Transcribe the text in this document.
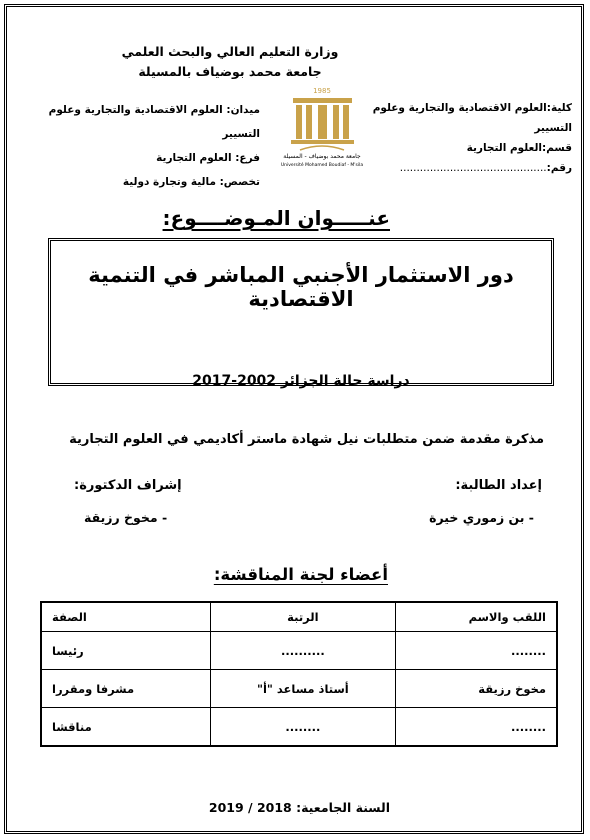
وزارة التعليم العالي والبحث العلمي
جامعة محمد بوضياف بالمسيلة
كلية:العلوم الاقتصادية والتجارية وعلوم التسيير
قسم:العلوم التجارية
رقم:............................................
ميدان: العلوم الاقتصادية والتجارية وعلوم التسيير
فرع: العلوم التجارية
تخصص: مالية وتجارة دولية
1985
جامعة محمد بوضياف - المسيلة
Université Mohamed Boudiaf - M'sila
عنـــــوان المـوضــــوع:
دور الاستثمار الأجنبي المباشر في التنمية الاقتصادية
دراسة حالة الجزائر 2002-2017
مذكرة مقدمة ضمن متطلبات نيل شهادة ماستر أكاديمي في العلوم التجارية
إعداد الطالبة:
إشراف الدكتورة:
- بن زموري خيرة
- مخوخ رزيقة
أعضاء لجنة المناقشة:
اللقب والاسم	الرتبة	الصفة
........	..........	رئيسا
مخوخ رزيقة	أستاذ مساعد "أ"	مشرفا ومقررا
........	........	مناقشا
السنة الجامعية: 2018 / 2019
